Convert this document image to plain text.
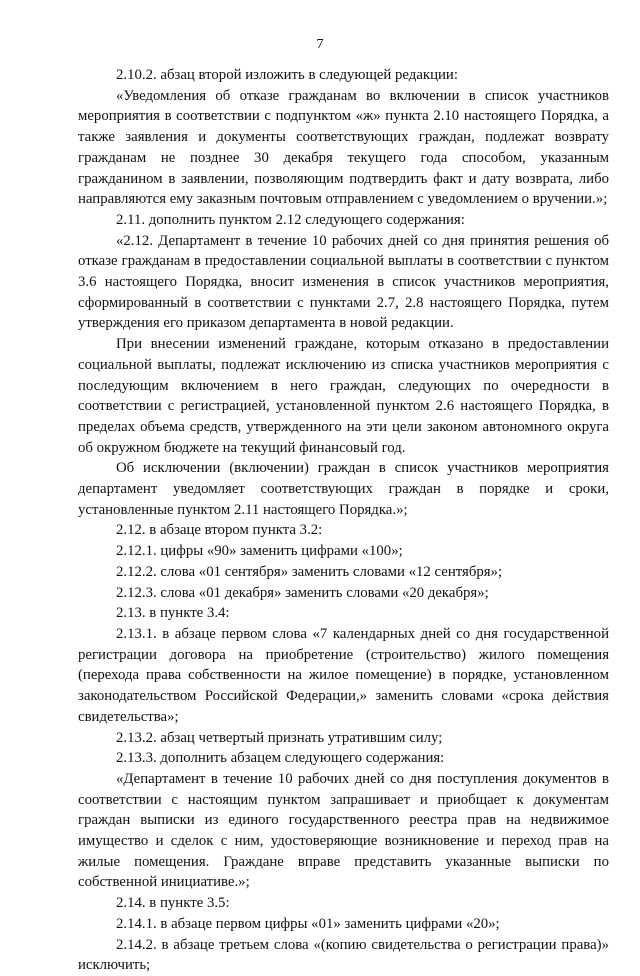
7

2.10.2. абзац второй изложить в следующей редакции:

«Уведомления об отказе гражданам во включении в список участников мероприятия в соответствии с подпунктом «ж» пункта 2.10 настоящего Порядка, а также заявления и документы соответствующих граждан, подлежат возврату гражданам не позднее 30 декабря текущего года способом, указанным гражданином в заявлении, позволяющим подтвердить факт и дату возврата, либо направляются ему заказным почтовым отправлением с уведомлением о вручении.»;

2.11. дополнить пунктом 2.12 следующего содержания:

«2.12. Департамент в течение 10 рабочих дней со дня принятия решения об отказе гражданам в предоставлении социальной выплаты в соответствии с пунктом 3.6 настоящего Порядка, вносит изменения в список участников мероприятия, сформированный в соответствии с пунктами 2.7, 2.8 настоящего Порядка, путем утверждения его приказом департамента в новой редакции.

При внесении изменений граждане, которым отказано в предоставлении социальной выплаты, подлежат исключению из списка участников мероприятия с последующим включением в него граждан, следующих по очередности в соответствии с регистрацией, установленной пунктом 2.6 настоящего Порядка, в пределах объема средств, утвержденного на эти цели законом автономного округа об окружном бюджете на текущий финансовый год.

Об исключении (включении) граждан в список участников мероприятия департамент уведомляет соответствующих граждан в порядке и сроки, установленные пунктом 2.11 настоящего Порядка.»;

2.12. в абзаце втором пункта 3.2:

2.12.1. цифры «90» заменить цифрами «100»;

2.12.2. слова «01 сентября» заменить словами «12 сентября»;

2.12.3. слова «01 декабря» заменить словами «20 декабря»;

2.13. в пункте 3.4:

2.13.1. в абзаце первом слова «7 календарных дней со дня государственной регистрации договора на приобретение (строительство) жилого помещения (перехода права собственности на жилое помещение) в порядке, установленном законодательством Российской Федерации,» заменить словами «срока действия свидетельства»;

2.13.2. абзац четвертый признать утратившим силу;

2.13.3. дополнить абзацем следующего содержания:

«Департамент в течение 10 рабочих дней со дня поступления документов в соответствии с настоящим пунктом запрашивает и приобщает к документам граждан выписки из единого государственного реестра прав на недвижимое имущество и сделок с ним, удостоверяющие возникновение и переход прав на жилые помещения. Граждане вправе представить указанные выписки по собственной инициативе.»;

2.14. в пункте 3.5:

2.14.1. в абзаце первом цифры «01» заменить цифрами «20»;

2.14.2. в абзаце третьем слова «(копию свидетельства о регистрации права)» исключить;
